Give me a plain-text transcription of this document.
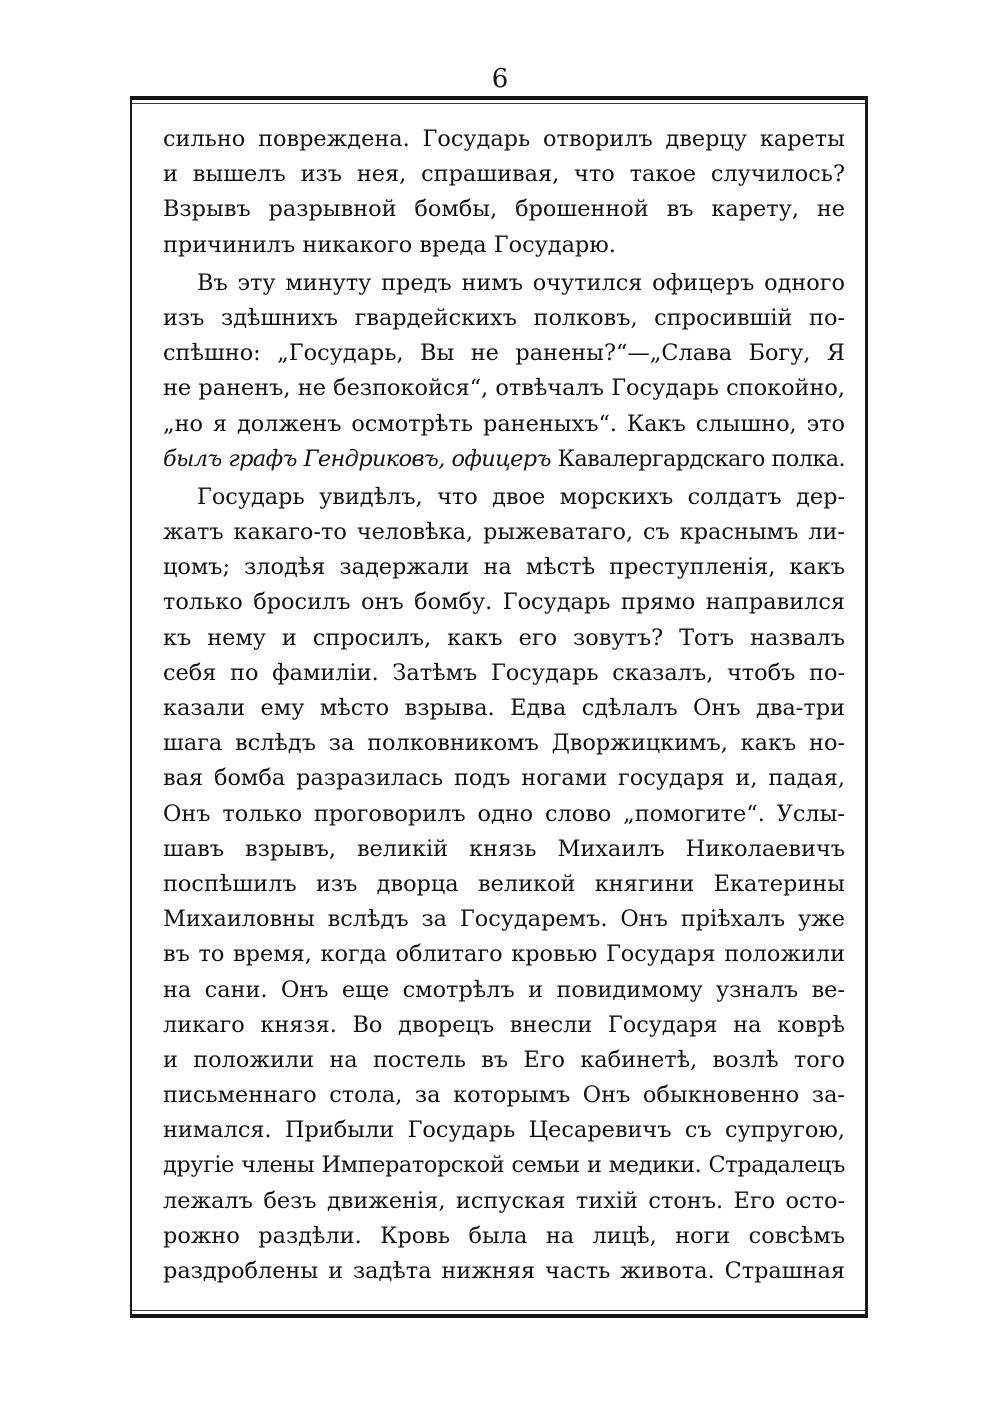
6
сильно повреждена. Государь отворилъ дверцу кареты
и вышелъ изъ нея, спрашивая, что такое случилось?
Взрывъ разрывной бомбы, брошенной въ карету, не
причинилъ никакого вреда Государю.
Въ эту минуту предъ нимъ очутился офицеръ одного
изъ здѣшнихъ гвардейскихъ полковъ, спросившій по-
спѣшно: „Государь, Вы не ранены?“—„Слава Богу, Я
не раненъ, не безпокойся“, отвѣчалъ Государь спокойно,
„но я долженъ осмотрѣть раненыхъ“. Какъ слышно, это
былъ графъ Гендриковъ, офицеръ Кавалергардскаго полка.
Государь увидѣлъ, что двое морскихъ солдатъ дер-
жатъ какаго-то человѣка, рыжеватаго, съ краснымъ ли-
цомъ; злодѣя задержали на мѣстѣ преступленія, какъ
только бросилъ онъ бомбу. Государь прямо направился
къ нему и спросилъ, какъ его зовутъ? Тотъ назвалъ
себя по фамиліи. Затѣмъ Государь сказалъ, чтобъ по-
казали ему мѣсто взрыва. Едва сдѣлалъ Онъ два-три
шага вслѣдъ за полковникомъ Дворжицкимъ, какъ но-
вая бомба разразилась подъ ногами государя и, падая,
Онъ только проговорилъ одно слово „помогите“. Услы-
шавъ взрывъ, великій князь Михаилъ Николаевичъ
поспѣшилъ изъ дворца великой княгини Екатерины
Михаиловны вслѣдъ за Государемъ. Онъ пріѣхалъ уже
въ то время, когда облитаго кровью Государя положили
на сани. Онъ еще смотрѣлъ и повидимому узналъ ве-
ликаго князя. Во дворецъ внесли Государя на коврѣ
и положили на постель въ Его кабинетѣ, возлѣ того
письменнаго стола, за которымъ Онъ обыкновенно за-
нимался. Прибыли Государь Цесаревичъ съ супругою,
другіе члены Императорской семьи и медики. Страдалецъ
лежалъ безъ движенія, испуская тихій стонъ. Его осто-
рожно раздѣли. Кровь была на лицѣ, ноги совсѣмъ
раздроблены и задѣта нижняя часть живота. Страшная
